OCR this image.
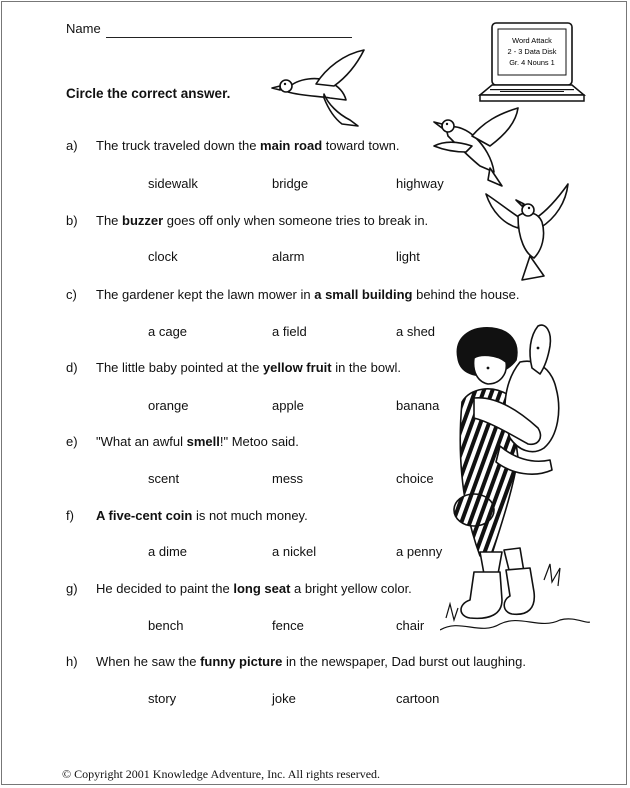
Name
Circle the correct answer.
Word Attack
2 - 3 Data Disk
Gr. 4 Nouns 1
a) The truck traveled down the main road toward town.
sidewalk	bridge	highway
b) The buzzer goes off only when someone tries to break in.
clock	alarm	light
c) The gardener kept the lawn mower in a small building behind the house.
a cage	a field	a shed
d) The little baby pointed at the yellow fruit in the bowl.
orange	apple	banana
e) "What an awful smell!" Metoo said.
scent	mess	choice
f) A five-cent coin is not much money.
a dime	a nickel	a penny
g) He decided to paint the long seat a bright yellow color.
bench	fence	chair
h) When he saw the funny picture in the newspaper, Dad burst out laughing.
story	joke	cartoon
© Copyright 2001 Knowledge Adventure, Inc. All rights reserved.
